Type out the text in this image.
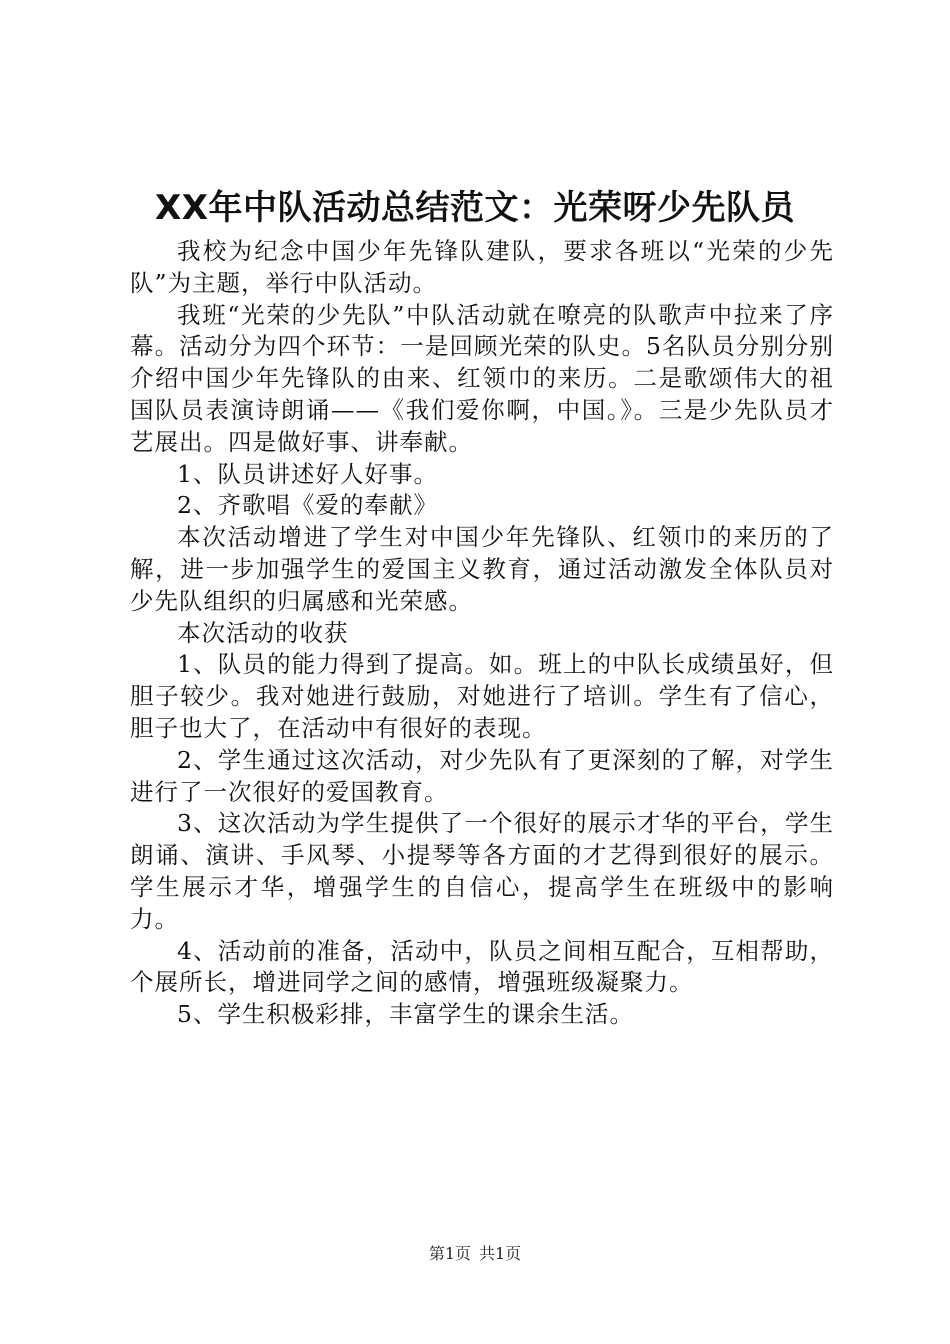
XX年中队活动总结范文：光荣呀少先队员

我校为纪念中国少年先锋队建队，要求各班以“光荣的少先队”为主题，举行中队活动。

我班“光荣的少先队”中队活动就在嘹亮的队歌声中拉来了序幕。活动分为四个环节：一是回顾光荣的队史。5名队员分别分别介绍中国少年先锋队的由来、红领巾的来历。二是歌颂伟大的祖国队员表演诗朗诵——《我们爱你啊，中国。》。三是少先队员才艺展出。四是做好事、讲奉献。

1、队员讲述好人好事。

2、齐歌唱《爱的奉献》

本次活动增进了学生对中国少年先锋队、红领巾的来历的了解，进一步加强学生的爱国主义教育，通过活动激发全体队员对少先队组织的归属感和光荣感。

本次活动的收获

1、队员的能力得到了提高。如。班上的中队长成绩虽好，但胆子较少。我对她进行鼓励，对她进行了培训。学生有了信心，胆子也大了，在活动中有很好的表现。

2、学生通过这次活动，对少先队有了更深刻的了解，对学生进行了一次很好的爱国教育。

3、这次活动为学生提供了一个很好的展示才华的平台，学生朗诵、演讲、手风琴、小提琴等各方面的才艺得到很好的展示。学生展示才华，增强学生的自信心，提高学生在班级中的影响力。

4、活动前的准备，活动中，队员之间相互配合，互相帮助，个展所长，增进同学之间的感情，增强班级凝聚力。

5、学生积极彩排，丰富学生的课余生活。

第1页 共1页
